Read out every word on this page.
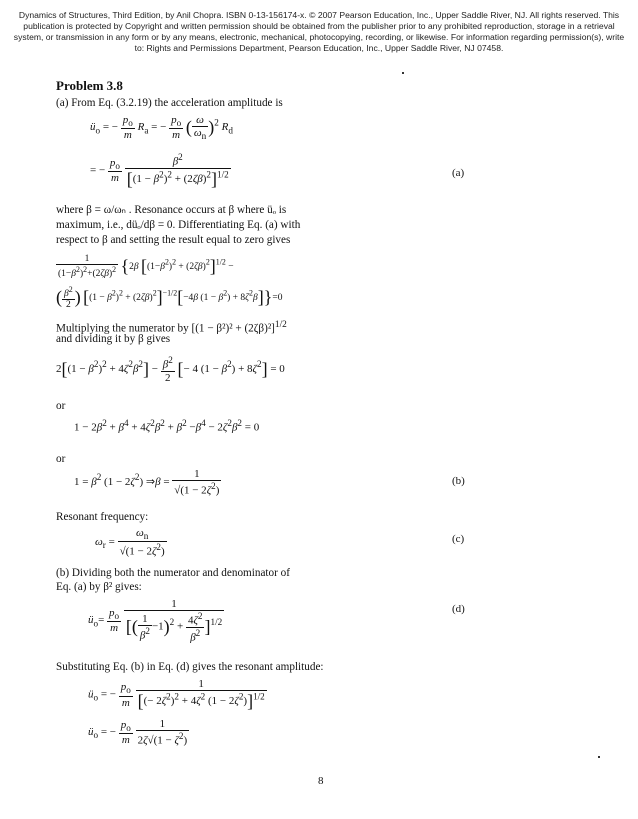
Dynamics of Structures, Third Edition, by Anil Chopra. ISBN 0-13-156174-x. © 2007 Pearson Education, Inc., Upper Saddle River, NJ. All rights reserved. This publication is protected by Copyright and written permission should be obtained from the publisher prior to any prohibited reproduction, storage in a retrieval system, or transmission in any form or by any means, electronic, mechanical, photocopying, recording, or likewise. For information regarding permission(s), write to: Rights and Permissions Department, Pearson Education, Inc., Upper Saddle River, NJ 07458.
Problem 3.8
(a) From Eq. (3.2.19) the acceleration amplitude is
$ü_o$ = − $\frac{p_o}{m} R_a$ = − $\frac{p_o}{m}$ ( $\frac{\omega}{\omega_n} )^2$ $R_d$
= − $\frac{p_o}{m}$
$\frac{\beta^2}{[(1 - \beta^2)^2 + (2\zeta\beta)^2]^{1/2}}$	(a)
where β = ω/ωₙ . Resonance occurs at β where üₒ is
maximum, i.e., düₒ/dβ = 0. Differentiating Eq. (a) with
respect to β and setting the result equal to zero gives
$\frac{1}{(1-\beta^2)^2+(2\zeta\beta)^2} \{2\beta$ $[(1-\beta^2)^2 + (2\zeta\beta)^2]^{1/2}$ −
( $\frac{\beta^2}{2}$ ) $[(1 - \beta^2)^2 + (2\zeta\beta)^2]^{-1/2}[-4\beta$ $(1 - \beta^2) + 8\zeta^2\beta]\}=0$
Multiplying the numerator by $[(1 - \beta^2)^2 + (2\zeta\beta)^2]^{1/2}$
and dividing it by β gives
$2[(1 - \beta^2)^2 + 4\zeta^2\beta^2] - \frac{\beta^2}{2}$ [− 4 $(1 - \beta^2) + 8\zeta^2] = 0$
or
$1 - 2\beta^2 + \beta^4 + 4\zeta^2\beta^2 + \beta^2 -\beta^4 - 2\zeta^2\beta^2 = 0$
or
$1 = \beta^2$ $(1 - 2\zeta^2)$ ⇒β = $\frac{1}{√(1 - 2\zeta^2)}$	(b)
Resonant frequency:
$\omega_r = \frac{\omega_n}{√(1 - 2\zeta^2)}$	(c)
(b) Dividing both the numerator and denominator of
Eq. (a) by β² gives:
$ü_o= \frac{p_o}{m}$
$\frac{1}{[( \frac{1}{\beta^2} -1)^2 + \frac{4\zeta^2}{\beta^2} ]^{1/2}}$	(d)
Substituting Eq. (b) in Eq. (d) gives the resonant amplitude:
$ü_o$ = − $\frac{p_o}{m}$
$\frac{1}{[(- 2\zeta^2)^2 + 4\zeta^2 (1 - 2\zeta^2)]^{1/2}}$
$ü_o$ = − $\frac{p_o}{m}$
$\frac{1}{2\zeta√(1 - \zeta^2)}$
8
